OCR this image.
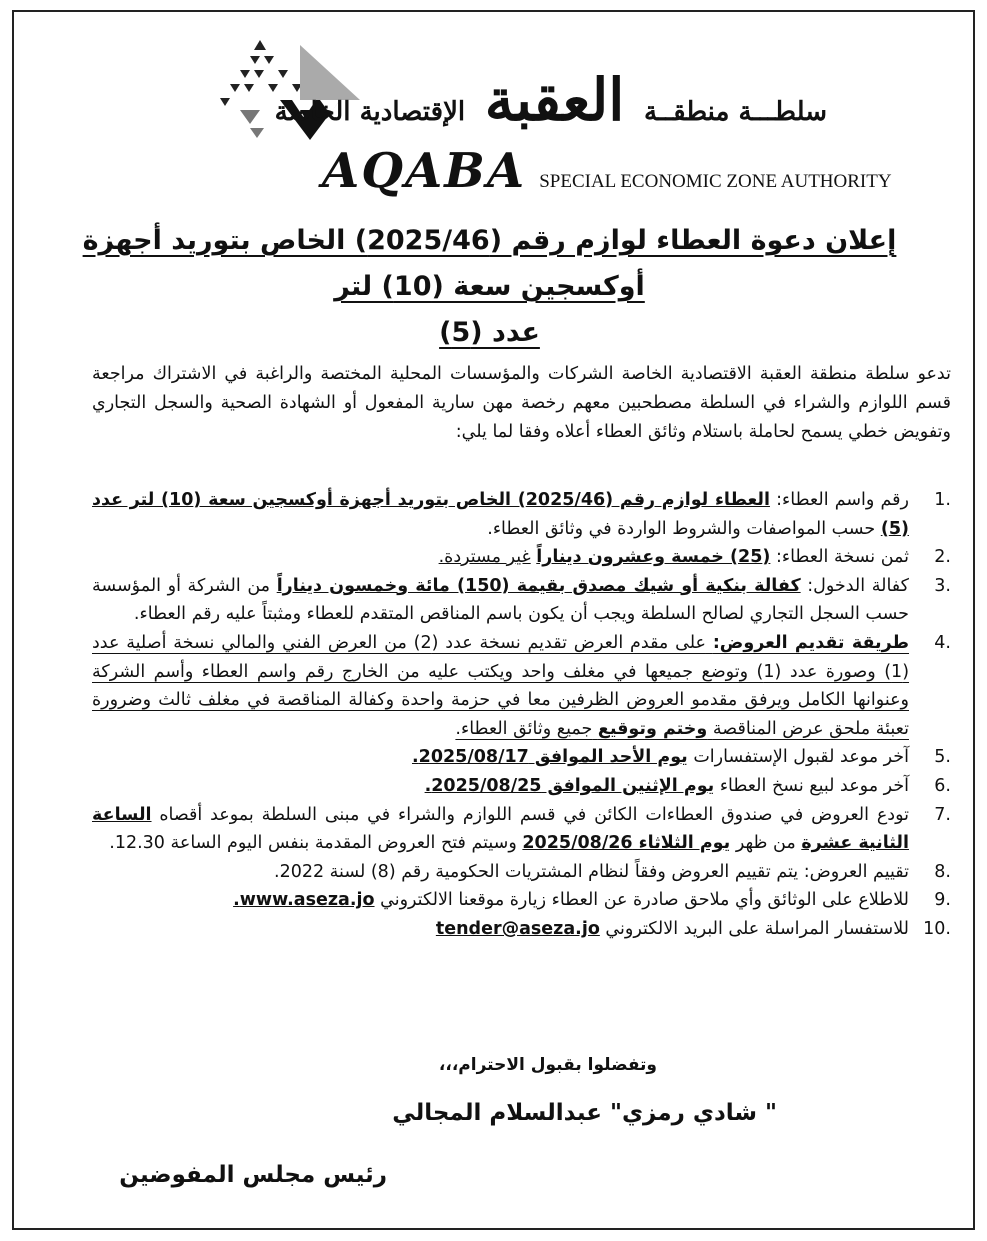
سلطـــة منطقــة العقبة الإقتصادية الخاصة
AQABA SPECIAL ECONOMIC ZONE AUTHORITY
إعلان دعوة العطاء لوازم رقم (2025/46) الخاص بتوريد أجهزة أوكسجين سعة (10) لتر
عدد (5)
تدعو سلطة منطقة العقبة الاقتصادية الخاصة الشركات والمؤسسات المحلية المختصة والراغبة في الاشتراك مراجعة قسم اللوازم والشراء في السلطة مصطحبين معهم رخصة مهن سارية المفعول أو الشهادة الصحية والسجل التجاري وتفويض خطي يسمح لحاملة باستلام وثائق العطاء أعلاه وفقا لما يلي:
.1
رقم واسم العطاء: العطاء لوازم رقم (2025/46) الخاص بتوريد أجهزة أوكسجين سعة (10) لتر عدد (5) حسب المواصفات والشروط الواردة في وثائق العطاء.
.2
ثمن نسخة العطاء: (25) خمسة وعشرون ديناراً غير مستردة.
.3
كفالة الدخول: كفالة بنكية أو شيك مصدق بقيمة (150) مائة وخمسون ديناراً من الشركة أو المؤسسة حسب السجل التجاري لصالح السلطة ويجب أن يكون باسم المناقص المتقدم للعطاء ومثبتاً عليه رقم العطاء.
.4
طريقة تقديم العروض: على مقدم العرض تقديم نسخة عدد (2) من العرض الفني والمالي نسخة أصلية عدد (1) وصورة عدد (1) وتوضع جميعها في مغلف واحد ويكتب عليه من الخارج رقم واسم العطاء وأسم الشركة وعنوانها الكامل ويرفق مقدمو العروض الظرفين معا في حزمة واحدة وكفالة المناقصة في مغلف ثالث وضرورة تعبئة ملحق عرض المناقصة وختم وتوقيع جميع وثائق العطاء.
.5
آخر موعد لقبول الإستفسارات يوم الأحد الموافق 2025/08/17.
.6
آخر موعد لبيع نسخ العطاء يوم الإثنين الموافق 2025/08/25.
.7
تودع العروض في صندوق العطاءات الكائن في قسم اللوازم والشراء في مبنى السلطة بموعد أقصاه الساعة الثانية عشرة من ظهر يوم الثلاثاء 2025/08/26 وسيتم فتح العروض المقدمة بنفس اليوم الساعة 12.30.
.8
تقييم العروض: يتم تقييم العروض وفقاً لنظام المشتريات الحكومية رقم (8) لسنة 2022.
.9
للاطلاع على الوثائق وأي ملاحق صادرة عن العطاء زيارة موقعنا الالكتروني www.aseza.jo.
.10
للاستفسار المراسلة على البريد الالكتروني tender@aseza.jo
وتفضلوا بقبول الاحترام،،،
" شادي رمزي" عبدالسلام المجالي
رئيس مجلس المفوضين
